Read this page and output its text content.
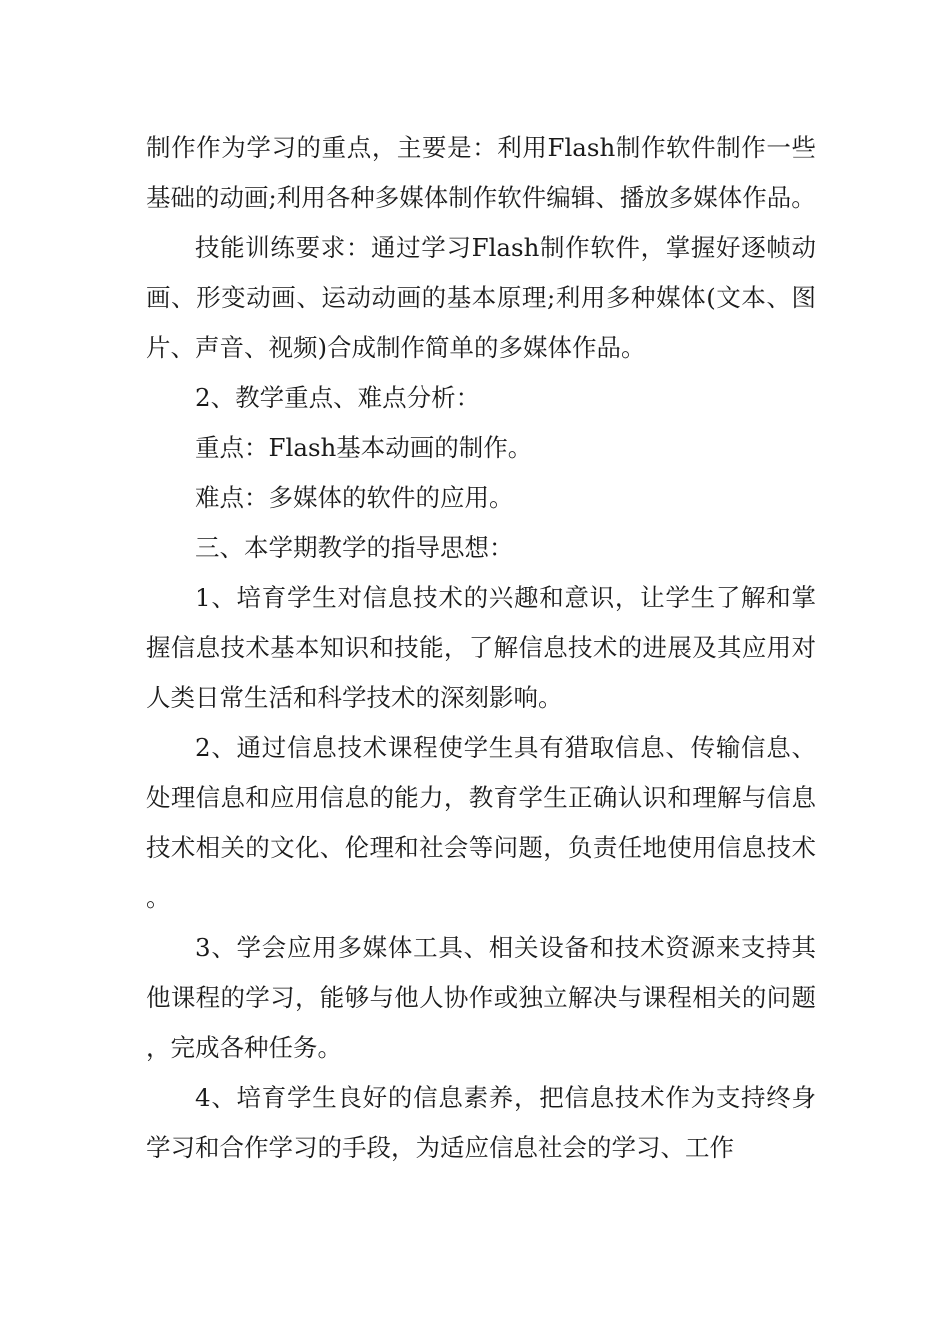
制作作为学习的重点，主要是：利用Flash制作软件制作一些基础的动画;利用各种多媒体制作软件编辑、播放多媒体作品。

技能训练要求：通过学习Flash制作软件，掌握好逐帧动画、形变动画、运动动画的基本原理;利用多种媒体(文本、图片、声音、视频)合成制作简单的多媒体作品。

2、教学重点、难点分析：

重点：Flash基本动画的制作。

难点：多媒体的软件的应用。

三、本学期教学的指导思想：

1、培育学生对信息技术的兴趣和意识，让学生了解和掌握信息技术基本知识和技能，了解信息技术的进展及其应用对人类日常生活和科学技术的深刻影响。

2、通过信息技术课程使学生具有猎取信息、传输信息、处理信息和应用信息的能力，教育学生正确认识和理解与信息技术相关的文化、伦理和社会等问题，负责任地使用信息技术。

3、学会应用多媒体工具、相关设备和技术资源来支持其他课程的学习，能够与他人协作或独立解决与课程相关的问题，完成各种任务。

4、培育学生良好的信息素养，把信息技术作为支持终身学习和合作学习的手段，为适应信息社会的学习、工作
